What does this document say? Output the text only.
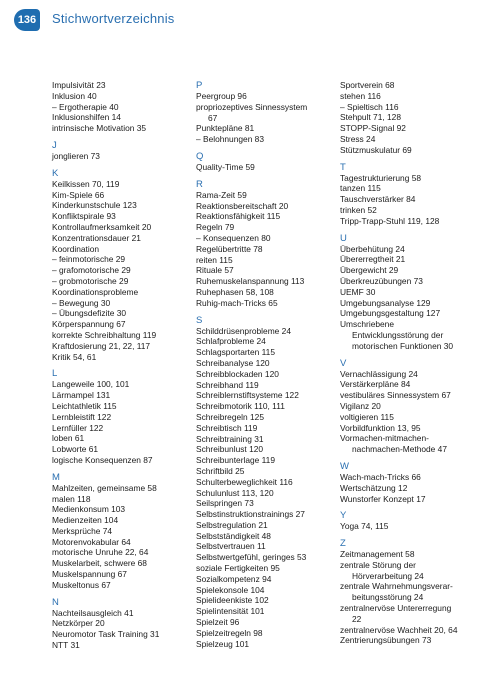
136 Stichwortverzeichnis
Impulsivität 23
Inklusion 40
– Ergotherapie 40
Inklusionshilfen 14
intrinsische Motivation 35
J
jonglieren 73
K
Keilkissen 70, 119
Kim-Spiele 66
Kinderkunstschule 123
Konfliktspirale 93
Kontrollaufmerksamkeit 20
Konzentrationsdauer 21
Koordination
– feinmotorische 29
– grafomotorische 29
– grobmotorische 29
Koordinationsprobleme
– Bewegung 30
– Übungsdefizite 30
Körperspannung 67
korrekte Schreibhaltung 119
Kraftdosierung 21, 22, 117
Kritik 54, 61
L
Langeweile 100, 101
Lärmampel 131
Leichtathletik 115
Lernbleistift 122
Lernfüller 122
loben 61
Lobworte 61
logische Konsequenzen 87
M
Mahlzeiten, gemeinsame 58
malen 118
Medienkonsum 103
Medienzeiten 104
Merksprüche 74
Motorenvokabular 64
motorische Unruhe 22, 64
Muskelarbeit, schwere 68
Muskelspannung 67
Muskeltonus 67
N
Nachteilsausgleich 41
Netzkörper 20
Neuromotor Task Training 31
NTT 31
P
Peergroup 96
propriozeptives Sinnessystem
67
Punktepläne 81
– Belohnungen 83
Q
Quality-Time 59
R
Rama-Zeit 59
Reaktionsbereitschaft 20
Reaktionsfähigkeit 115
Regeln 79
– Konsequenzen 80
Regelübertritte 78
reiten 115
Rituale 57
Ruhemuskelanspannung 113
Ruhephasen 58, 108
Ruhig-mach-Tricks 65
S
Schilddrüsenprobleme 24
Schlafprobleme 24
Schlagsportarten 115
Schreibanalyse 120
Schreibblockaden 120
Schreibhand 119
Schreiblernstiftsysteme 122
Schreibmotorik 110, 111
Schreibregeln 125
Schreibtisch 119
Schreibtraining 31
Schreibunlust 120
Schreibunterlage 119
Schriftbild 25
Schulterbeweglichkeit 116
Schulunlust 113, 120
Seilspringen 73
Selbstinstruktionstrainings 27
Selbstregulation 21
Selbstständigkeit 48
Selbstvertrauen 11
Selbstwertgefühl, geringes 53
soziale Fertigkeiten 95
Sozialkompetenz 94
Spielekonsole 104
Spielideenkiste 102
Spielintensität 101
Spielzeit 96
Spielzeitregeln 98
Spielzeug 101
Sportverein 68
stehen 116
– Spieltisch 116
Stehpult 71, 128
STOPP-Signal 92
Stress 24
Stützmuskulatur 69
T
Tagestrukturierung 58
tanzen 115
Tauschverstärker 84
trinken 52
Tripp-Trapp-Stuhl 119, 128
U
Überbehütung 24
Übererregtheit 21
Übergewicht 29
Überkreuzübungen 73
UEMF 30
Umgebungsanalyse 129
Umgebungsgestaltung 127
Umschriebene
Entwicklungsstörung der
motorischen Funktionen 30
V
Vernachlässigung 24
Verstärkerpläne 84
vestibuläres Sinnessystem 67
Vigilanz 20
voltigieren 115
Vorbildfunktion 13, 95
Vormachen-mitmachen-
nachmachen-Methode 47
W
Wach-mach-Tricks 66
Wertschätzung 12
Wunstorfer Konzept 17
Y
Yoga 74, 115
Z
Zeitmanagement 58
zentrale Störung der
Hörverarbeitung 24
zentrale Wahrnehmungsverar-
beitungsstörung 24
zentralnervöse Untererregung
22
zentralnervöse Wachheit 20, 64
Zentrierungsübungen 73
